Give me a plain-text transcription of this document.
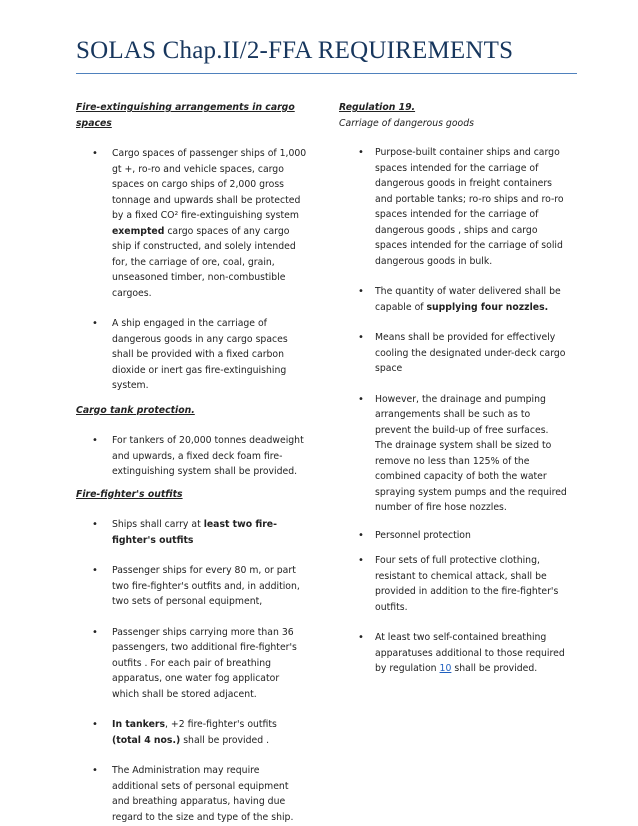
SOLAS Chap.II/2-FFA REQUIREMENTS

Fire-extinguishing arrangements in cargo spaces

• Cargo spaces of passenger ships of 1,000 gt +, ro-ro and vehicle spaces, cargo spaces on cargo ships of 2,000 gross tonnage and upwards shall be protected by a fixed CO² fire-extinguishing system exempted cargo spaces of any cargo ship if constructed, and solely intended for, the carriage of ore, coal, grain, unseasoned timber, non-combustible cargoes.
• A ship engaged in the carriage of dangerous goods in any cargo spaces shall be provided with a fixed carbon dioxide or inert gas fire-extinguishing system.

Cargo tank protection.

• For tankers of 20,000 tonnes deadweight and upwards, a fixed deck foam fire-extinguishing system shall be provided.

Fire-fighter's outfits

• Ships shall carry at least two fire-fighter's outfits
• Passenger ships for every 80 m, or part two fire-fighter's outfits and, in addition, two sets of personal equipment,
• Passenger ships carrying more than 36 passengers, two additional fire-fighter's outfits . For each pair of breathing apparatus, one water fog applicator which shall be stored adjacent.
• In tankers, +2 fire-fighter's outfits (total 4 nos.) shall be provided .
• The Administration may require additional sets of personal equipment and breathing apparatus, having due regard to the size and type of the ship.

Regulation 19.

Carriage of dangerous goods

• Purpose-built container ships and cargo spaces intended for the carriage of dangerous goods in freight containers and portable tanks; ro-ro ships and ro-ro spaces intended for the carriage of dangerous goods , ships and cargo spaces intended for the carriage of solid dangerous goods in bulk.
• The quantity of water delivered shall be capable of supplying four nozzles.
• Means shall be provided for effectively cooling the designated under-deck cargo space
• However, the drainage and pumping arrangements shall be such as to prevent the build-up of free surfaces. The drainage system shall be sized to remove no less than 125% of the combined capacity of both the water spraying system pumps and the required number of fire hose nozzles.
• Personnel protection
• Four sets of full protective clothing, resistant to chemical attack, shall be provided in addition to the fire-fighter's outfits.
• At least two self-contained breathing apparatuses additional to those required by regulation 10 shall be provided.
